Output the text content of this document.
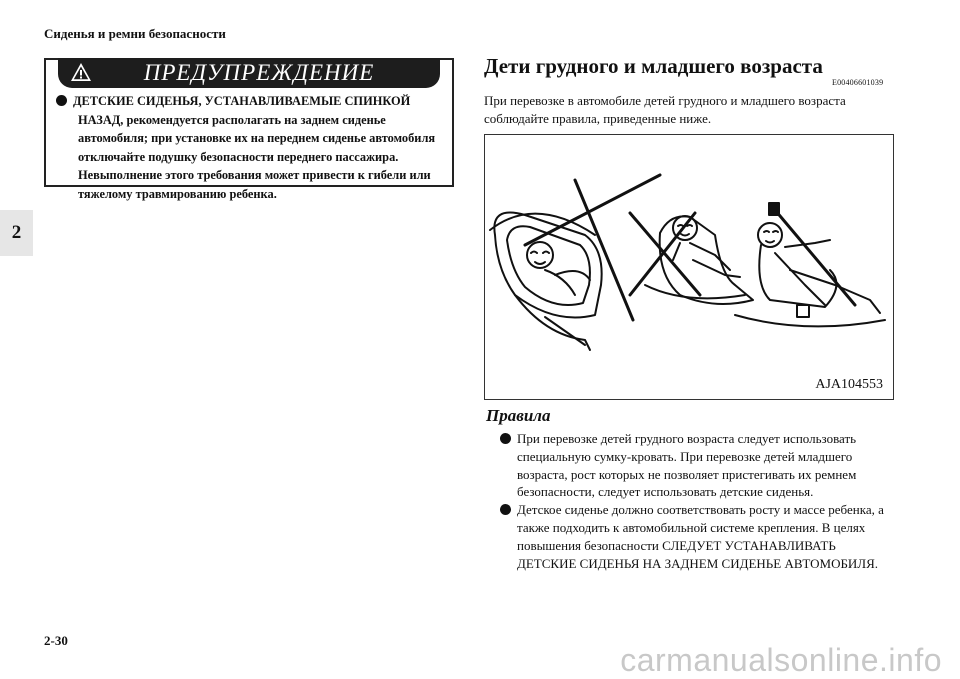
Сиденья и ремни безопасности
2
ПРЕДУПРЕЖДЕНИЕ
ДЕТСКИЕ СИДЕНЬЯ, УСТАНАВЛИВАЕМЫЕ СПИНКОЙ НАЗАД, рекомендуется располагать на заднем сиденье автомобиля; при установке их на переднем сиденье автомобиля отключайте подушку безопасности переднего пассажира. Невыполнение этого требования может привести к гибели или тяжелому травмированию ребенка.
Дети грудного и младшего возраста
E00406601039
При перевозке в автомобиле детей грудного и младшего возраста соблюдайте правила, приведенные ниже.
AJA104553
Правила

При перевозке детей грудного возраста следует использовать специальную сумку-кровать. При перевозке детей младшего возраста, рост которых не позволяет пристегивать их ремнем безопасности, следует использовать детские сиденья.

Детское сиденье должно соответствовать росту и массе ребенка, а также подходить к автомобильной системе крепления. В целях повышения безопасности СЛЕДУЕТ УСТАНАВЛИВАТЬ ДЕТСКИЕ СИДЕНЬЯ НА ЗАДНЕМ СИДЕНЬЕ АВТОМОБИЛЯ.

2-30
carmanualsonline.info
